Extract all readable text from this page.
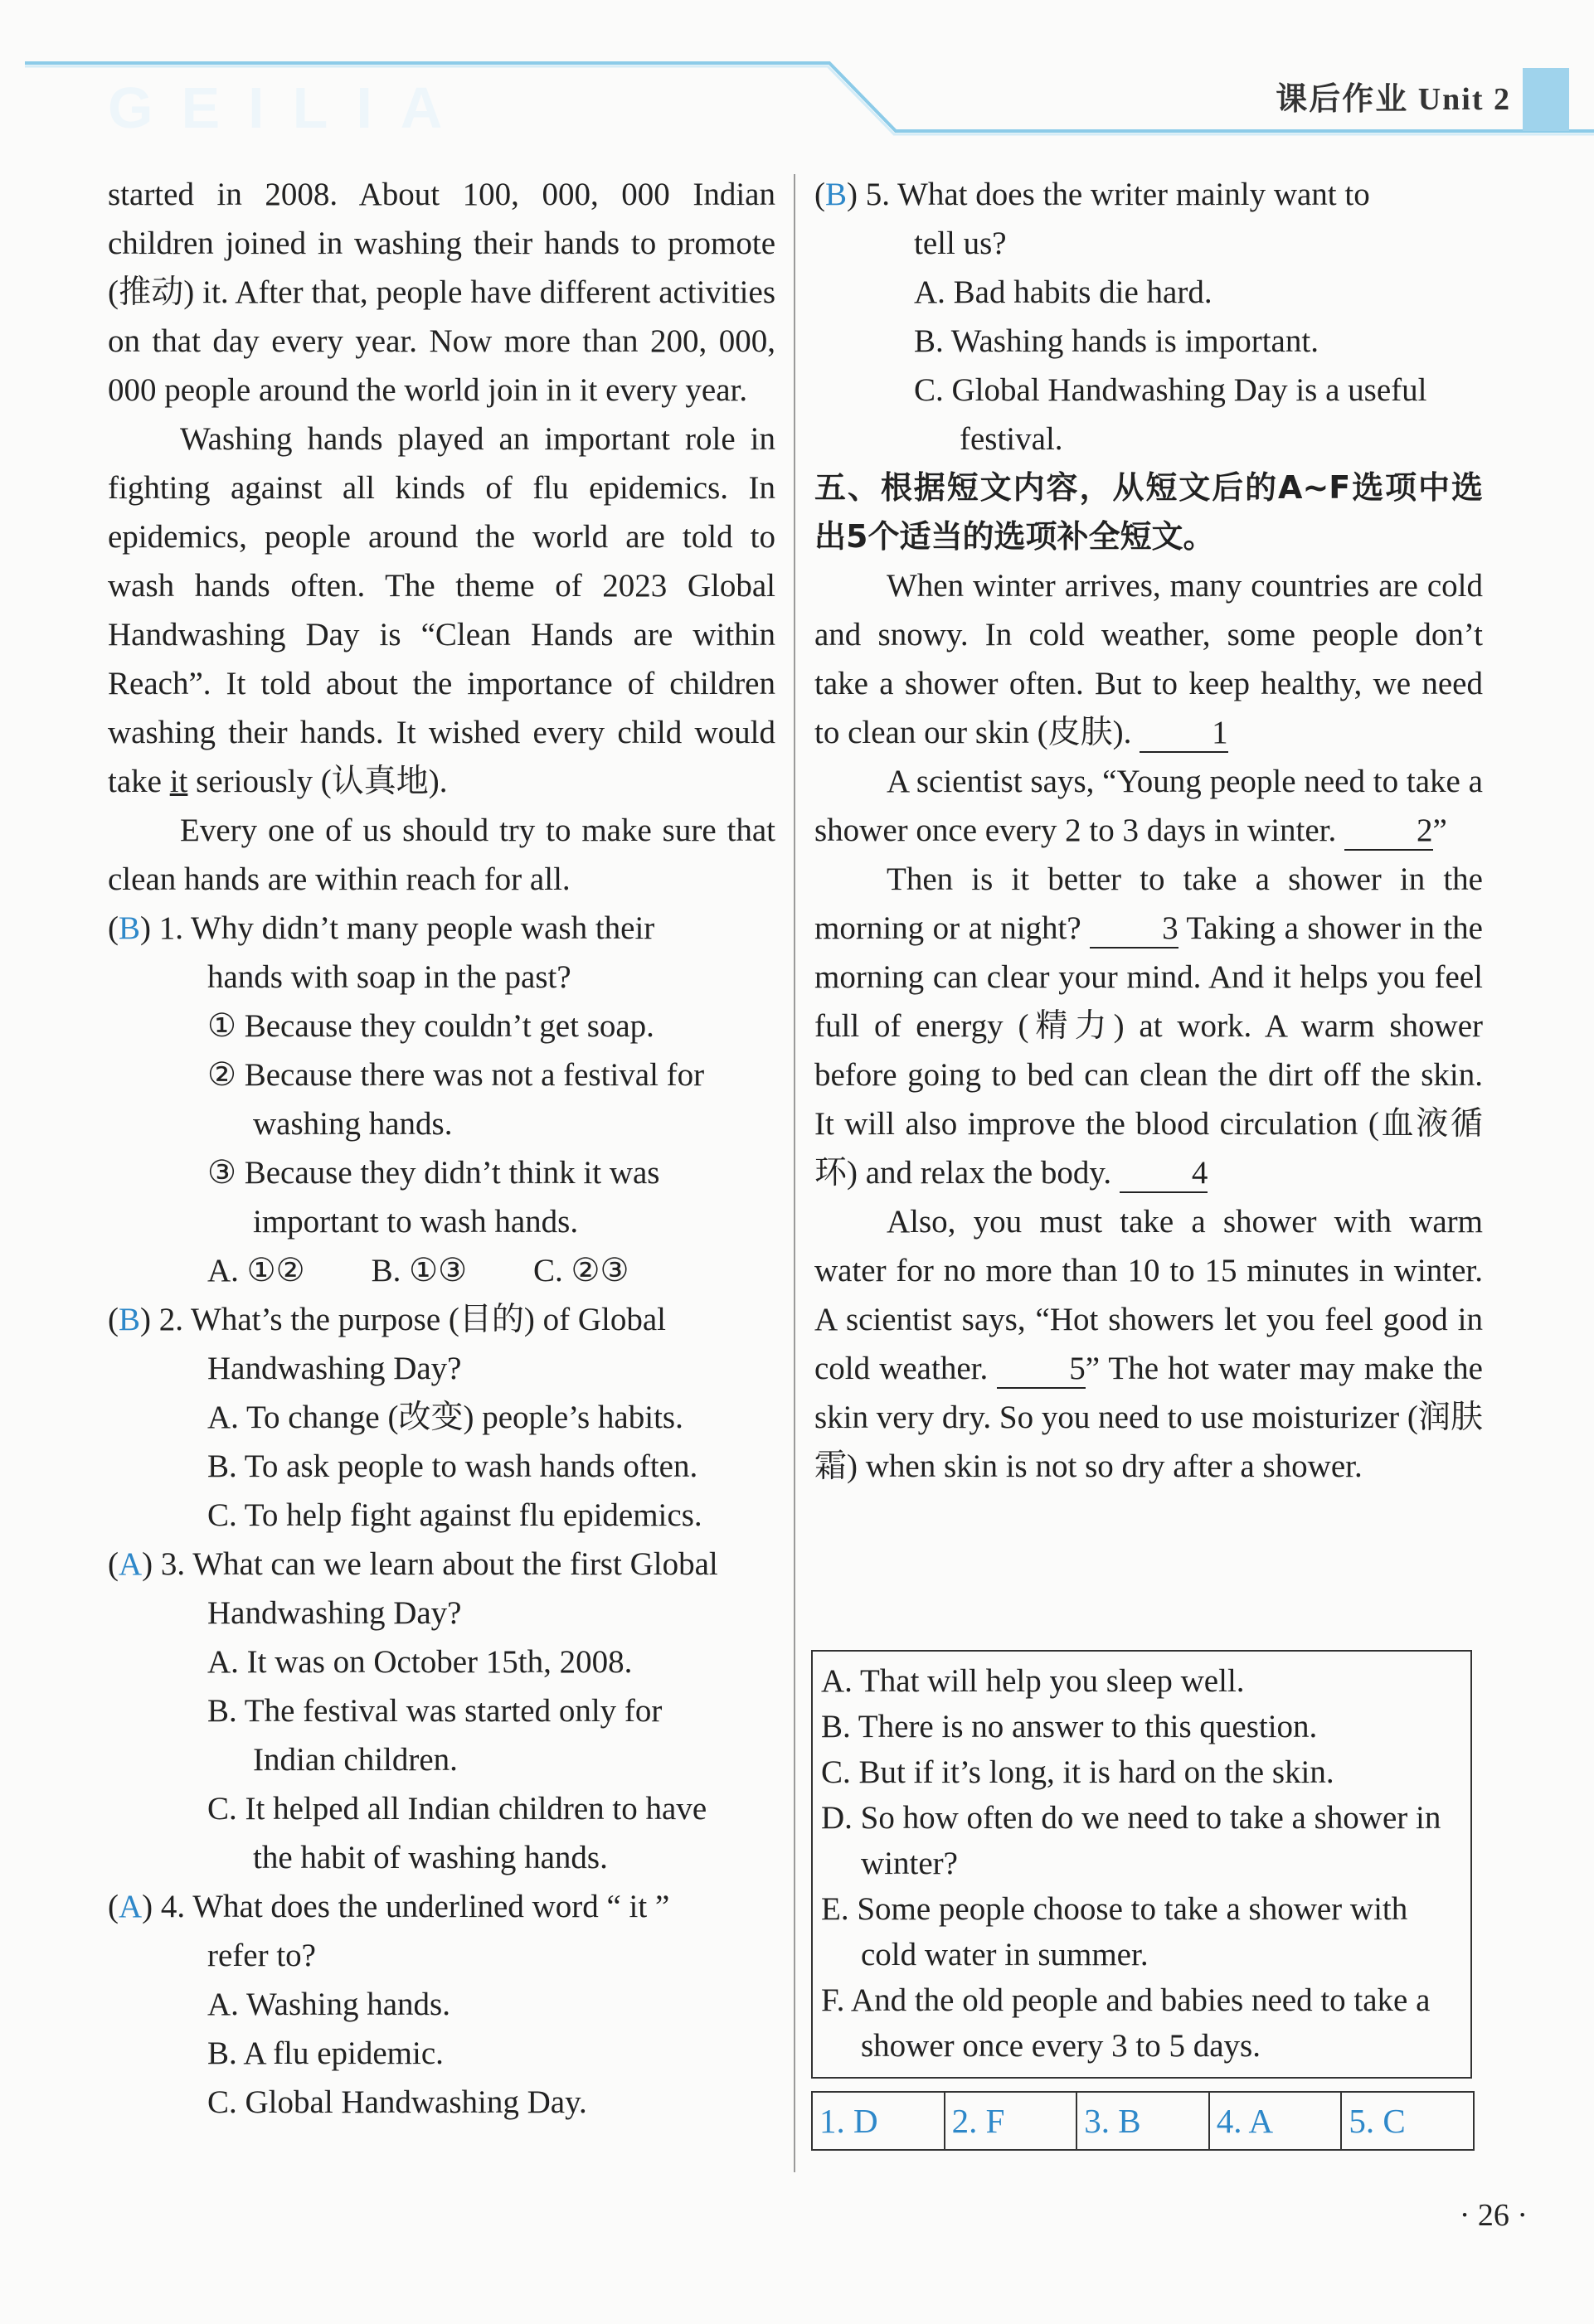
GEILIA	课后作业 Unit 2

started in 2008. About 100, 000, 000 Indian children joined in washing their hands to promote (推动) it. After that, people have different activities on that day every year. Now more than 200, 000, 000 people around the world join in it every year.

Washing hands played an important role in fighting against all kinds of flu epidemics. In epidemics, people around the world are told to wash hands often. The theme of 2023 Global Handwashing Day is “Clean Hands are within Reach”. It told about the importance of children washing their hands. It wished every child would take it seriously (认真地).

Every one of us should try to make sure that clean hands are within reach for all.

(B) 1. Why didn’t many people wash their
hands with soap in the past?
① Because they couldn’t get soap.
② Because there was not a festival for
washing hands.
③ Because they didn’t think it was
important to wash hands.
A. ①② B. ①③ C. ②③
(B) 2. What’s the purpose (目的) of Global
Handwashing Day?
A. To change (改变) people’s habits.
B. To ask people to wash hands often.
C. To help fight against flu epidemics.
(A) 3. What can we learn about the first Global
Handwashing Day?
A. It was on October 15th, 2008.
B. The festival was started only for
Indian children.
C. It helped all Indian children to have
the habit of washing hands.
(A) 4. What does the underlined word “ it ”
refer to?
A. Washing hands.
B. A flu epidemic.
C. Global Handwashing Day.
(B) 5. What does the writer mainly want to
tell us?
A. Bad habits die hard.
B. Washing hands is important.
C. Global Handwashing Day is a useful
festival.

五、根据短文内容，从短文后的A~F选项中选出5个适当的选项补全短文。

When winter arrives, many countries are cold and snowy. In cold weather, some people don’t take a shower often. But to keep healthy, we need to clean our skin (皮肤). 1

A scientist says, “Young people need to take a shower once every 2 to 3 days in winter. 2”

Then is it better to take a shower in the morning or at night? 3 Taking a shower in the morning can clear your mind. And it helps you feel full of energy (精力) at work. A warm shower before going to bed can clean the dirt off the skin. It will also improve the blood circulation (血液循环) and relax the body. 4

Also, you must take a shower with warm water for no more than 10 to 15 minutes in winter. A scientist says, “Hot showers let you feel good in cold weather. 5” The hot water may make the skin very dry. So you need to use moisturizer (润肤霜) when skin is not so dry after a shower.

A. That will help you sleep well.
B. There is no answer to this question.
C. But if it’s long, it is hard on the skin.
D. So how often do we need to take a shower in winter?
E. Some people choose to take a shower with cold water in summer.
F. And the old people and babies need to take a shower once every 3 to 5 days.
1. D	2. F	3. B	4. A	5. C
· 26 ·
